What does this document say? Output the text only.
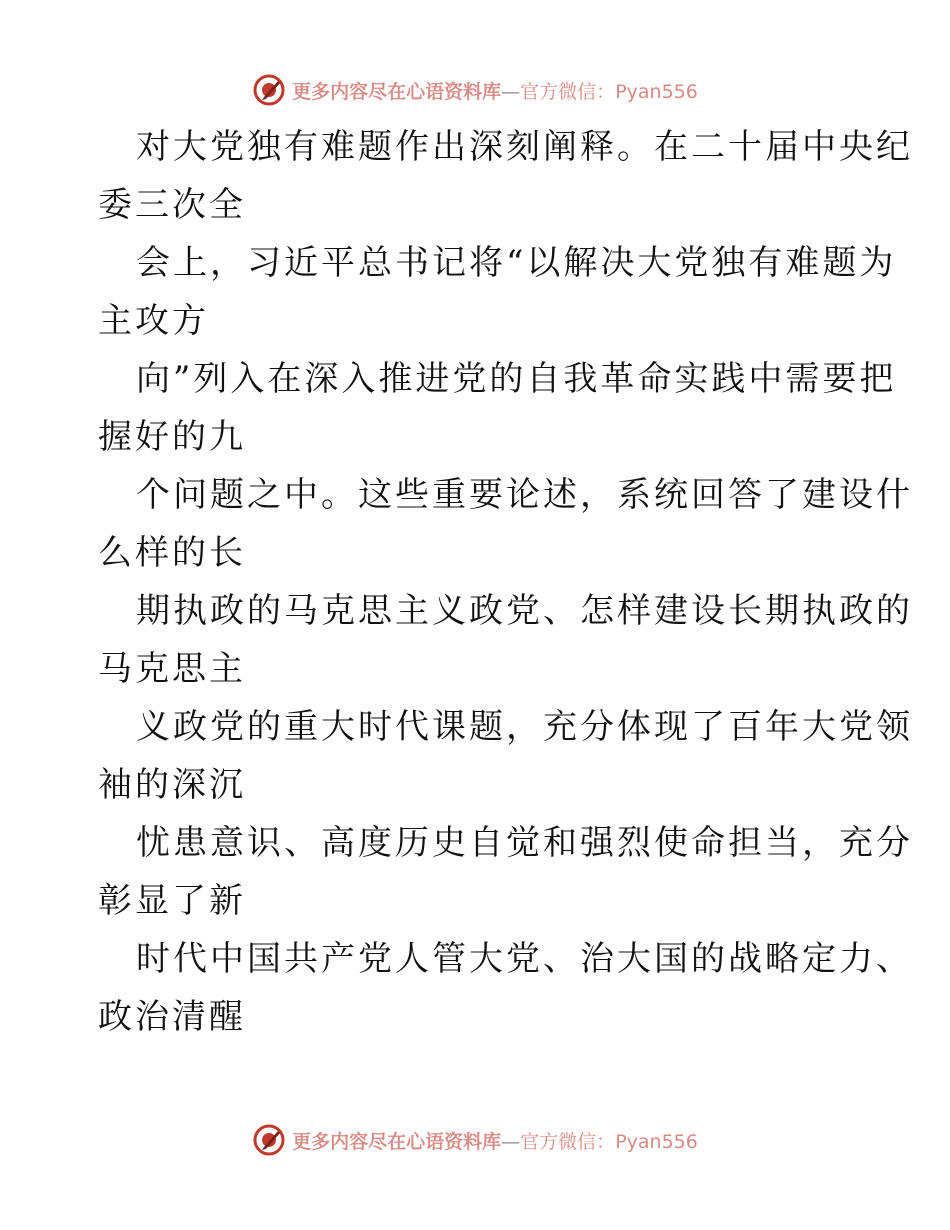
更多内容尽在心语资料库—官方微信：Pyan556
对大党独有难题作出深刻阐释。在二十届中央纪
委三次全
会上，习近平总书记将“以解决大党独有难题为
主攻方
向”列入在深入推进党的自我革命实践中需要把
握好的九
个问题之中。这些重要论述，系统回答了建设什
么样的长
期执政的马克思主义政党、怎样建设长期执政的
马克思主
义政党的重大时代课题，充分体现了百年大党领
袖的深沉
忧患意识、高度历史自觉和强烈使命担当，充分
彰显了新
时代中国共产党人管大党、治大国的战略定力、
政治清醒
更多内容尽在心语资料库—官方微信：Pyan556
